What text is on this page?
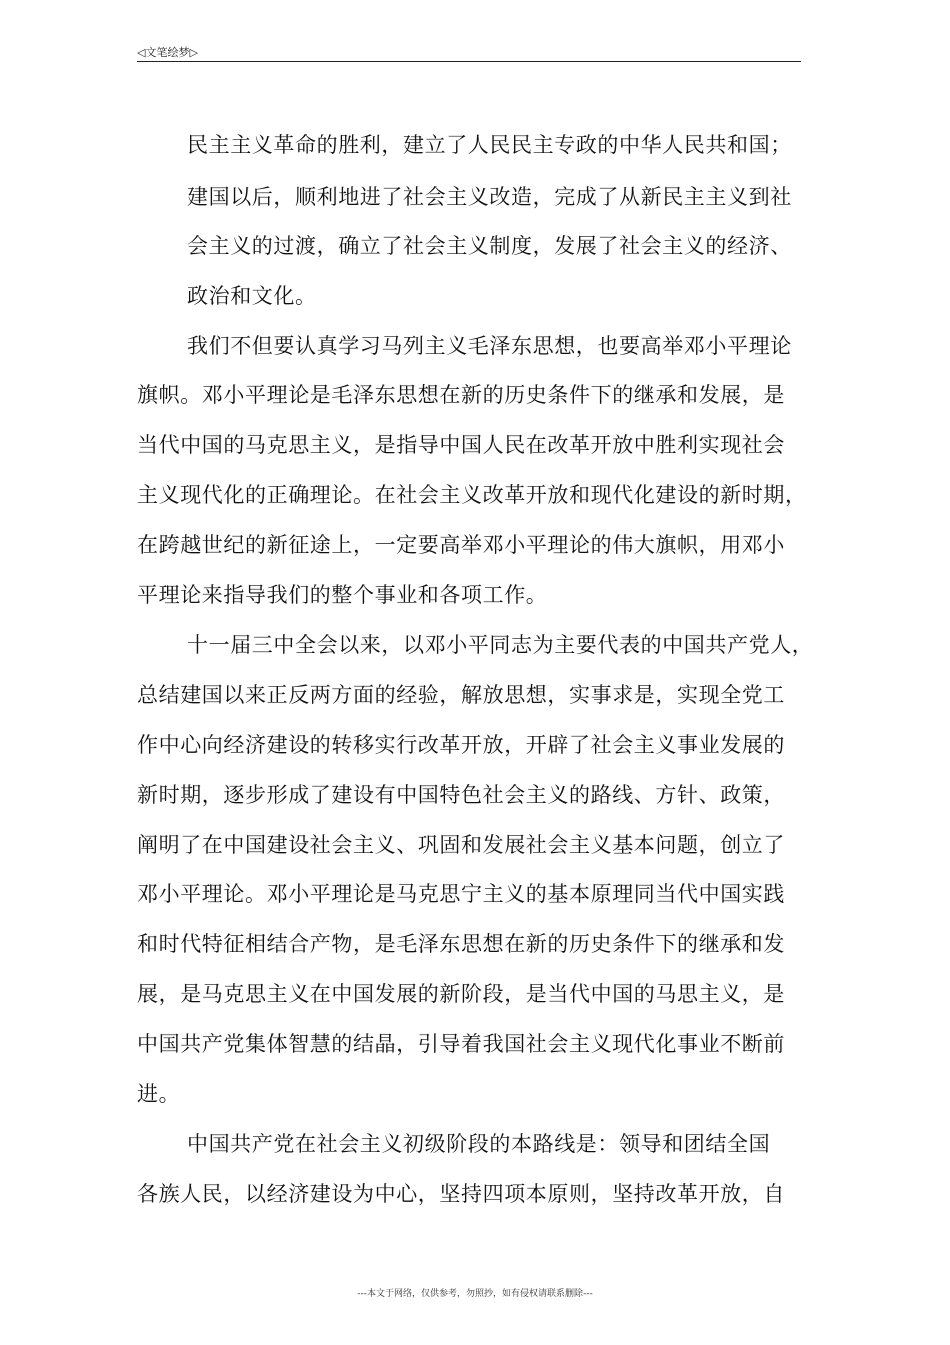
◁文笔绘梦▷
民主主义革命的胜利，建立了人民民主专政的中华人民共和国；
建国以后，顺利地进了社会主义改造，完成了从新民主主义到社
会主义的过渡，确立了社会主义制度，发展了社会主义的经济、
政治和文化。
我们不但要认真学习马列主义毛泽东思想，也要高举邓小平理论
旗帜。邓小平理论是毛泽东思想在新的历史条件下的继承和发展，是
当代中国的马克思主义，是指导中国人民在改革开放中胜利实现社会
主义现代化的正确理论。在社会主义改革开放和现代化建设的新时期，
在跨越世纪的新征途上，一定要高举邓小平理论的伟大旗帜，用邓小
平理论来指导我们的整个事业和各项工作。
十一届三中全会以来，以邓小平同志为主要代表的中国共产党人，
总结建国以来正反两方面的经验，解放思想，实事求是，实现全党工
作中心向经济建设的转移实行改革开放，开辟了社会主义事业发展的
新时期，逐步形成了建设有中国特色社会主义的路线、方针、政策，
阐明了在中国建设社会主义、巩固和发展社会主义基本问题，创立了
邓小平理论。邓小平理论是马克思宁主义的基本原理同当代中国实践
和时代特征相结合产物，是毛泽东思想在新的历史条件下的继承和发
展，是马克思主义在中国发展的新阶段，是当代中国的马思主义，是
中国共产党集体智慧的结晶，引导着我国社会主义现代化事业不断前
进。
中国共产党在社会主义初级阶段的本路线是：领导和团结全国
各族人民，以经济建设为中心，坚持四项本原则，坚持改革开放，自
---本文于网络，仅供参考，勿照抄，如有侵权请联系删除---
